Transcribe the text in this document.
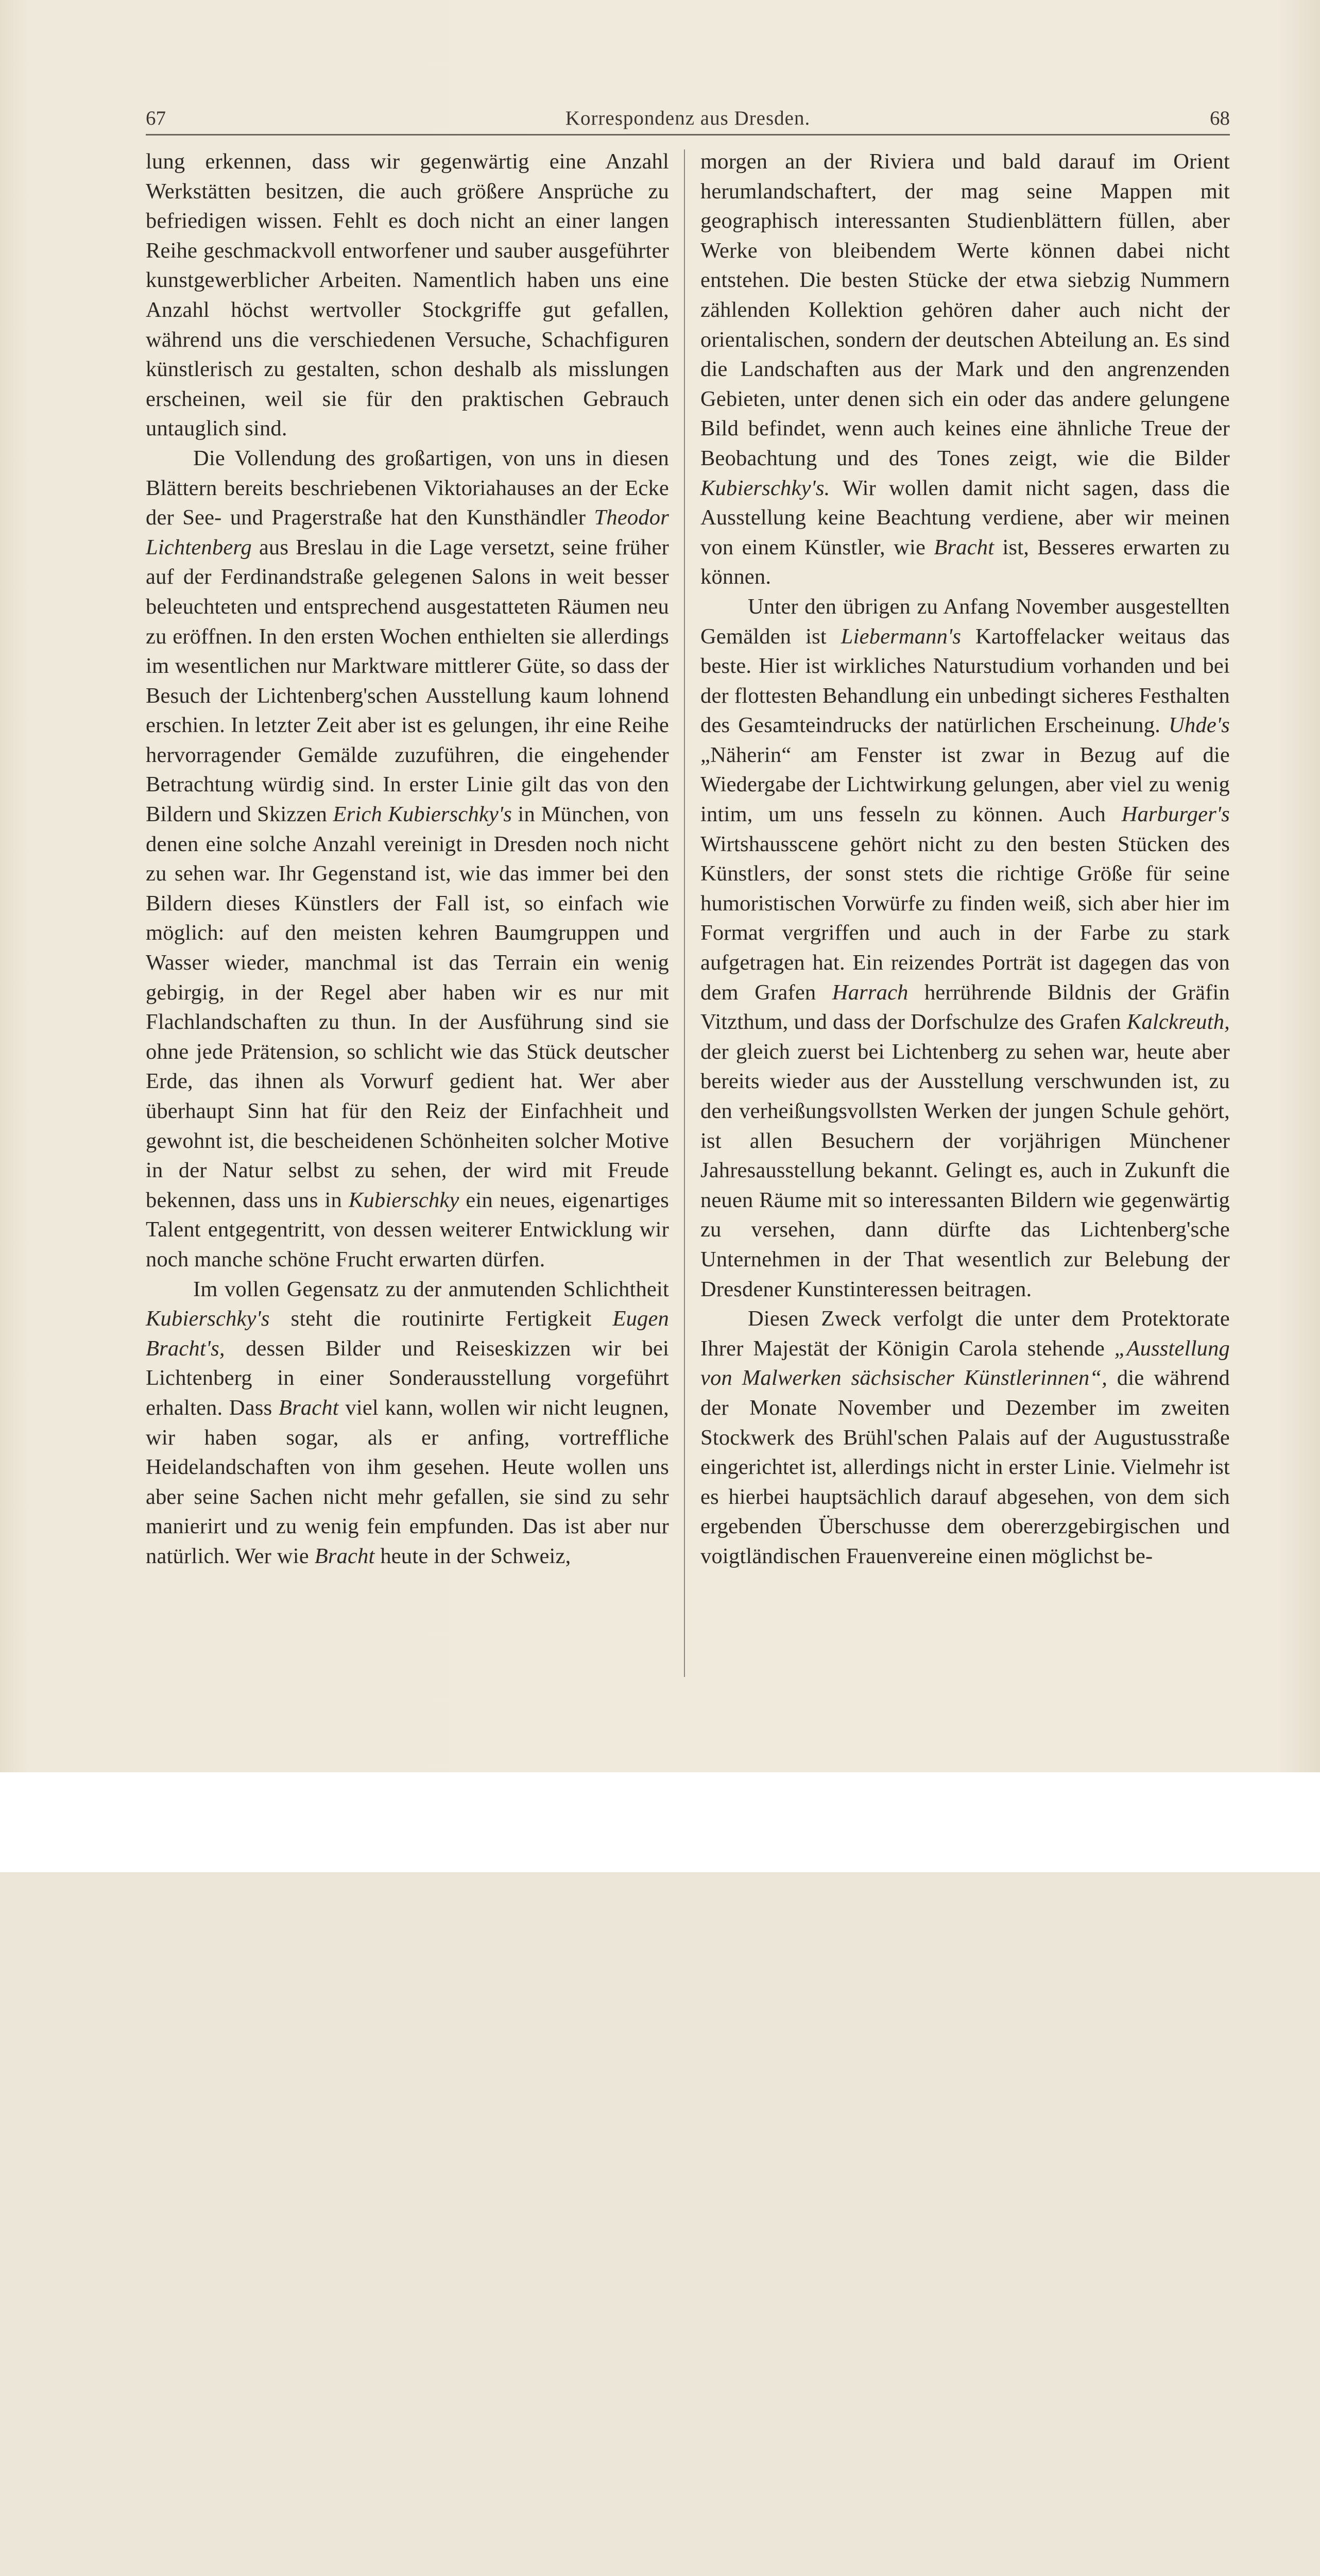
67	Korrespondenz aus Dresden.	68

lung erkennen, dass wir gegenwärtig eine Anzahl Werkstätten besitzen, die auch größere Ansprüche zu befriedigen wissen. Fehlt es doch nicht an einer langen Reihe geschmackvoll entworfener und sauber ausgeführter kunstgewerblicher Arbeiten. Namentlich haben uns eine Anzahl höchst wertvoller Stockgriffe gut gefallen, während uns die verschiedenen Versuche, Schachfiguren künstlerisch zu gestalten, schon deshalb als misslungen erscheinen, weil sie für den praktischen Gebrauch untauglich sind.

Die Vollendung des großartigen, von uns in diesen Blättern bereits beschriebenen Viktoriahauses an der Ecke der See- und Pragerstraße hat den Kunsthändler Theodor Lichtenberg aus Breslau in die Lage versetzt, seine früher auf der Ferdinandstraße gelegenen Salons in weit besser beleuchteten und entsprechend ausgestatteten Räumen neu zu eröffnen. In den ersten Wochen enthielten sie allerdings im wesentlichen nur Marktware mittlerer Güte, so dass der Besuch der Lichtenberg'schen Ausstellung kaum lohnend erschien. In letzter Zeit aber ist es gelungen, ihr eine Reihe hervorragender Gemälde zuzuführen, die eingehender Betrachtung würdig sind. In erster Linie gilt das von den Bildern und Skizzen Erich Kubierschky's in München, von denen eine solche Anzahl vereinigt in Dresden noch nicht zu sehen war. Ihr Gegenstand ist, wie das immer bei den Bildern dieses Künstlers der Fall ist, so einfach wie möglich: auf den meisten kehren Baumgruppen und Wasser wieder, manchmal ist das Terrain ein wenig gebirgig, in der Regel aber haben wir es nur mit Flachlandschaften zu thun. In der Ausführung sind sie ohne jede Prätension, so schlicht wie das Stück deutscher Erde, das ihnen als Vorwurf gedient hat. Wer aber überhaupt Sinn hat für den Reiz der Einfachheit und gewohnt ist, die bescheidenen Schönheiten solcher Motive in der Natur selbst zu sehen, der wird mit Freude bekennen, dass uns in Kubierschky ein neues, eigenartiges Talent entgegentritt, von dessen weiterer Entwicklung wir noch manche schöne Frucht erwarten dürfen.

Im vollen Gegensatz zu der anmutenden Schlichtheit Kubierschky's steht die routinirte Fertigkeit Eugen Bracht's, dessen Bilder und Reiseskizzen wir bei Lichtenberg in einer Sonderausstellung vorgeführt erhalten. Dass Bracht viel kann, wollen wir nicht leugnen, wir haben sogar, als er anfing, vortreffliche Heidelandschaften von ihm gesehen. Heute wollen uns aber seine Sachen nicht mehr gefallen, sie sind zu sehr manierirt und zu wenig fein empfunden. Das ist aber nur natürlich. Wer wie Bracht heute in der Schweiz,

morgen an der Riviera und bald darauf im Orient herumlandschaftert, der mag seine Mappen mit geographisch interessanten Studienblättern füllen, aber Werke von bleibendem Werte können dabei nicht entstehen. Die besten Stücke der etwa siebzig Nummern zählenden Kollektion gehören daher auch nicht der orientalischen, sondern der deutschen Abteilung an. Es sind die Landschaften aus der Mark und den angrenzenden Gebieten, unter denen sich ein oder das andere gelungene Bild befindet, wenn auch keines eine ähnliche Treue der Beobachtung und des Tones zeigt, wie die Bilder Kubierschky's. Wir wollen damit nicht sagen, dass die Ausstellung keine Beachtung verdiene, aber wir meinen von einem Künstler, wie Bracht ist, Besseres erwarten zu können.

Unter den übrigen zu Anfang November ausgestellten Gemälden ist Liebermann's Kartoffelacker weitaus das beste. Hier ist wirkliches Naturstudium vorhanden und bei der flottesten Behandlung ein unbedingt sicheres Festhalten des Gesamteindrucks der natürlichen Erscheinung. Uhde's „Näherin“ am Fenster ist zwar in Bezug auf die Wiedergabe der Lichtwirkung gelungen, aber viel zu wenig intim, um uns fesseln zu können. Auch Harburger's Wirtshausscene gehört nicht zu den besten Stücken des Künstlers, der sonst stets die richtige Größe für seine humoristischen Vorwürfe zu finden weiß, sich aber hier im Format vergriffen und auch in der Farbe zu stark aufgetragen hat. Ein reizendes Porträt ist dagegen das von dem Grafen Harrach herrührende Bildnis der Gräfin Vitzthum, und dass der Dorfschulze des Grafen Kalckreuth, der gleich zuerst bei Lichtenberg zu sehen war, heute aber bereits wieder aus der Ausstellung verschwunden ist, zu den verheißungsvollsten Werken der jungen Schule gehört, ist allen Besuchern der vorjährigen Münchener Jahresausstellung bekannt. Gelingt es, auch in Zukunft die neuen Räume mit so interessanten Bildern wie gegenwärtig zu versehen, dann dürfte das Lichtenberg'sche Unternehmen in der That wesentlich zur Belebung der Dresdener Kunstinteressen beitragen.

Diesen Zweck verfolgt die unter dem Protektorate Ihrer Majestät der Königin Carola stehende „Ausstellung von Malwerken sächsischer Künstlerinnen“, die während der Monate November und Dezember im zweiten Stockwerk des Brühl'schen Palais auf der Augustusstraße eingerichtet ist, allerdings nicht in erster Linie. Vielmehr ist es hierbei hauptsächlich darauf abgesehen, von dem sich ergebenden Überschusse dem obererzgebirgischen und voigtländischen Frauenvereine einen möglichst be-
